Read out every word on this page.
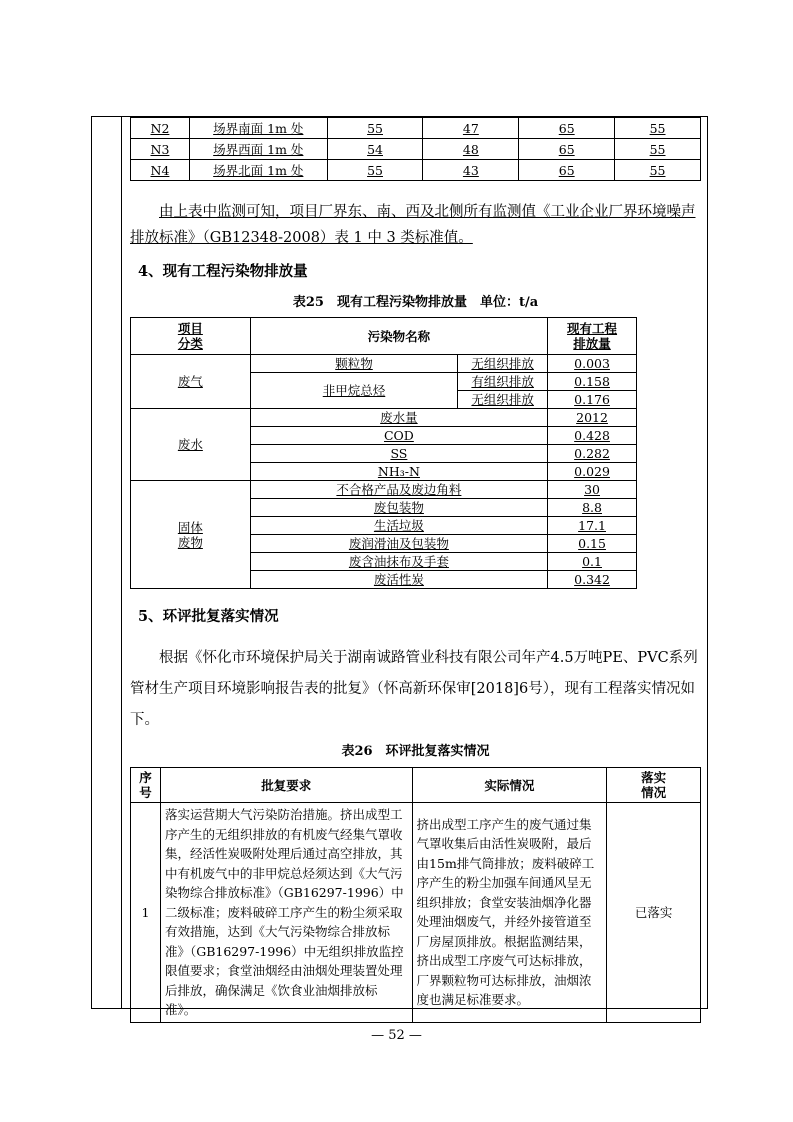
N2	场界南面 1m 处	55	47	65	55
N3	场界西面 1m 处	54	48	65	55
N4	场界北面 1m 处	55	43	65	55

由上表中监测可知，项目厂界东、南、西及北侧所有监测值《工业企业厂界环境噪声排放标准》（GB12348-2008）表 1 中 3 类标准值。

4、现有工程污染物排放量
表25　现有工程污染物排放量　单位：t/a
项目
分类	污染物名称		现有工程
排放量
废气	颗粒物	无组织排放	0.003
	非甲烷总烃	有组织排放	0.158
		无组织排放	0.176
废水	废水量		2012
	COD		0.428
	SS		0.282
	NH₃-N		0.029
固体
废物	不合格产品及废边角料		30
	废包装物		8.8
	生活垃圾		17.1
	废润滑油及包装物		0.15
	废含油抹布及手套		0.1
	废活性炭		0.342
5、环评批复落实情况

根据《怀化市环境保护局关于湖南诚路管业科技有限公司年产4.5万吨PE、PVC系列管材生产项目环境影响报告表的批复》（怀高新环保审[2018]6号），现有工程落实情况如下。

表26　环评批复落实情况
序
号	批复要求	实际情况	落实
情况
1	落实运营期大气污染防治措施。挤出成型工序产生的无组织排放的有机废气经集气罩收集，经活性炭吸附处理后通过高空排放，其中有机废气中的非甲烷总烃须达到《大气污染物综合排放标准》（GB16297-1996）中二级标准；废料破碎工序产生的粉尘须采取有效措施，达到《大气污染物综合排放标准》（GB16297-1996）中无组织排放监控限值要求；食堂油烟经由油烟处理装置处理后排放，确保满足《饮食业油烟排放标准》。	挤出成型工序产生的废气通过集气罩收集后由活性炭吸附，最后由15m排气筒排放；废料破碎工序产生的粉尘加强车间通风呈无组织排放；食堂安装油烟净化器处理油烟废气，并经外接管道至厂房屋顶排放。根据监测结果，挤出成型工序废气可达标排放，厂界颗粒物可达标排放，油烟浓度也满足标准要求。	已落实
— 52 —
